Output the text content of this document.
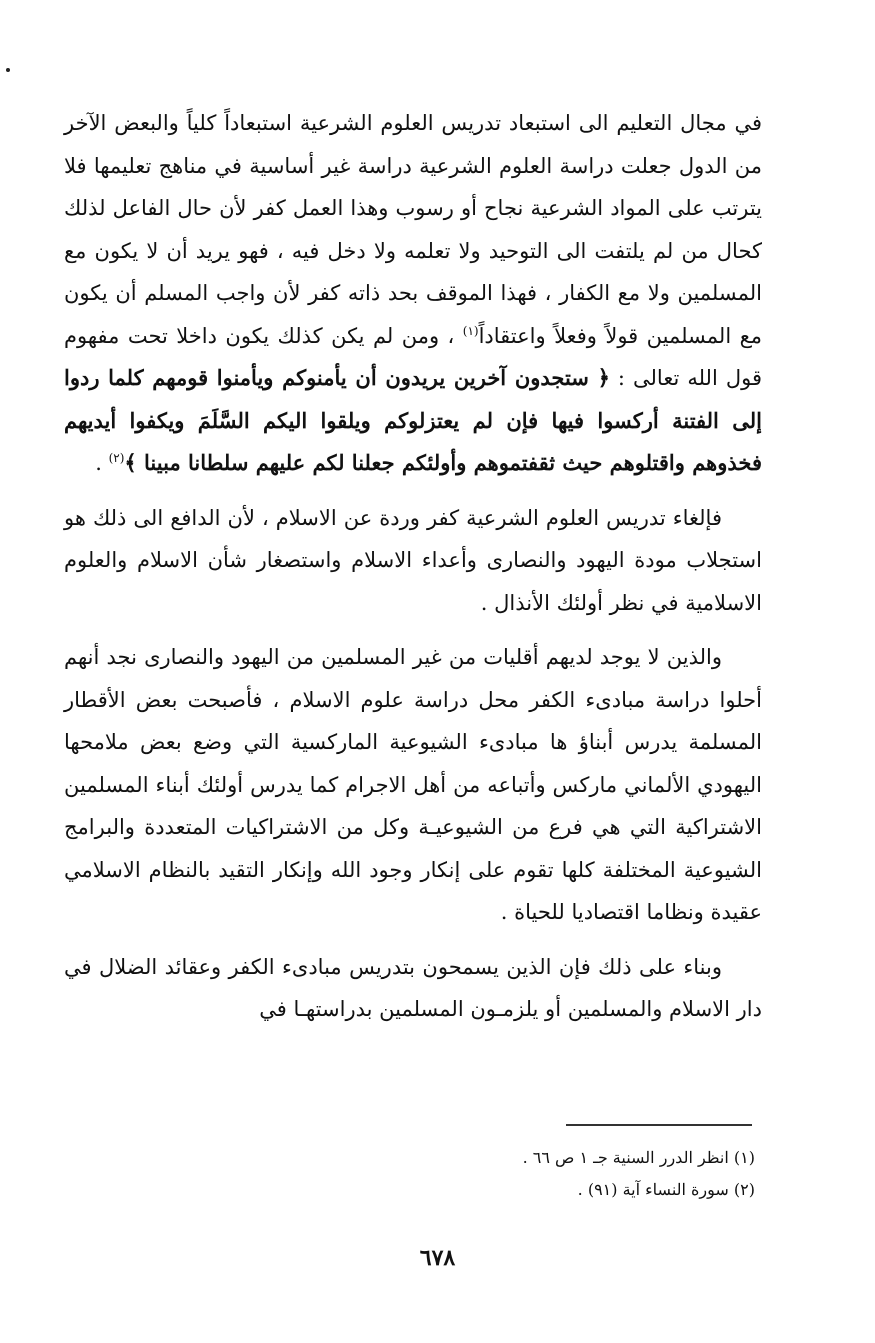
في مجال التعليم الى استبعاد تدريس العلوم الشرعية استبعاداً كلياً والبعض الآخر من الدول جعلت دراسة العلوم الشرعية دراسة غير أساسية في مناهج تعليمها فلا يترتب على المواد الشرعية نجاح أو رسوب وهذا العمل كفر لأن حال الفاعل لذلك كحال من لم يلتفت الى التوحيد ولا تعلمه ولا دخل فيه ، فهو يريد أن لا يكون مع المسلمين ولا مع الكفار ، فهذا الموقف بحد ذاته كفر لأن واجب المسلم أن يكون مع المسلمين قولاً وفعلاً واعتقاداً$^{(١)}$ ، ومن لم يكن كذلك يكون داخلا تحت مفهوم قول الله تعالى : ﴿ ستجدون آخرين يريدون أن يأمنوكم ويأمنوا قومهم كلما ردوا إلى الفتنة أركسوا فيها فإن لم يعتزلوكم ويلقوا اليكم السَّلَمَ ويكفوا أيديهم فخذوهم واقتلوهم حيث ثقفتموهم وأولئكم جعلنا لكم عليهم سلطانا مبينا ﴾$^{(٢)}$ .

فإلغاء تدريس العلوم الشرعية كفر وردة عن الاسلام ، لأن الدافع الى ذلك هو استجلاب مودة اليهود والنصارى وأعداء الاسلام واستصغار شأن الاسلام والعلوم الاسلامية في نظر أولئك الأنذال .

والذين لا يوجد لديهم أقليات من غير المسلمين من اليهود والنصارى نجد أنهم أحلوا دراسة مبادىء الكفر محل دراسة علوم الاسلام ، فأصبحت بعض الأقطار المسلمة يدرس أبناؤ ها مبادىء الشيوعية الماركسية التي وضع بعض ملامحها اليهودي الألماني ماركس وأتباعه من أهل الاجرام كما يدرس أولئك أبناء المسلمين الاشتراكية التي هي فرع من الشيوعيـة وكل من الاشتراكيات المتعددة والبرامج الشيوعية المختلفة كلها تقوم على إنكار وجود الله وإنكار التقيد بالنظام الاسلامي عقيدة ونظاما اقتصاديا للحياة .

وبناء على ذلك فإن الذين يسمحون بتدريس مبادىء الكفر وعقائد الضلال في دار الاسلام والمسلمين أو يلزمـون المسلمين بدراستهـا في

(١) انظر الدرر السنية جـ ١ ص ٦٦ .

(٢) سورة النساء آية (٩١) .

٦٧٨
